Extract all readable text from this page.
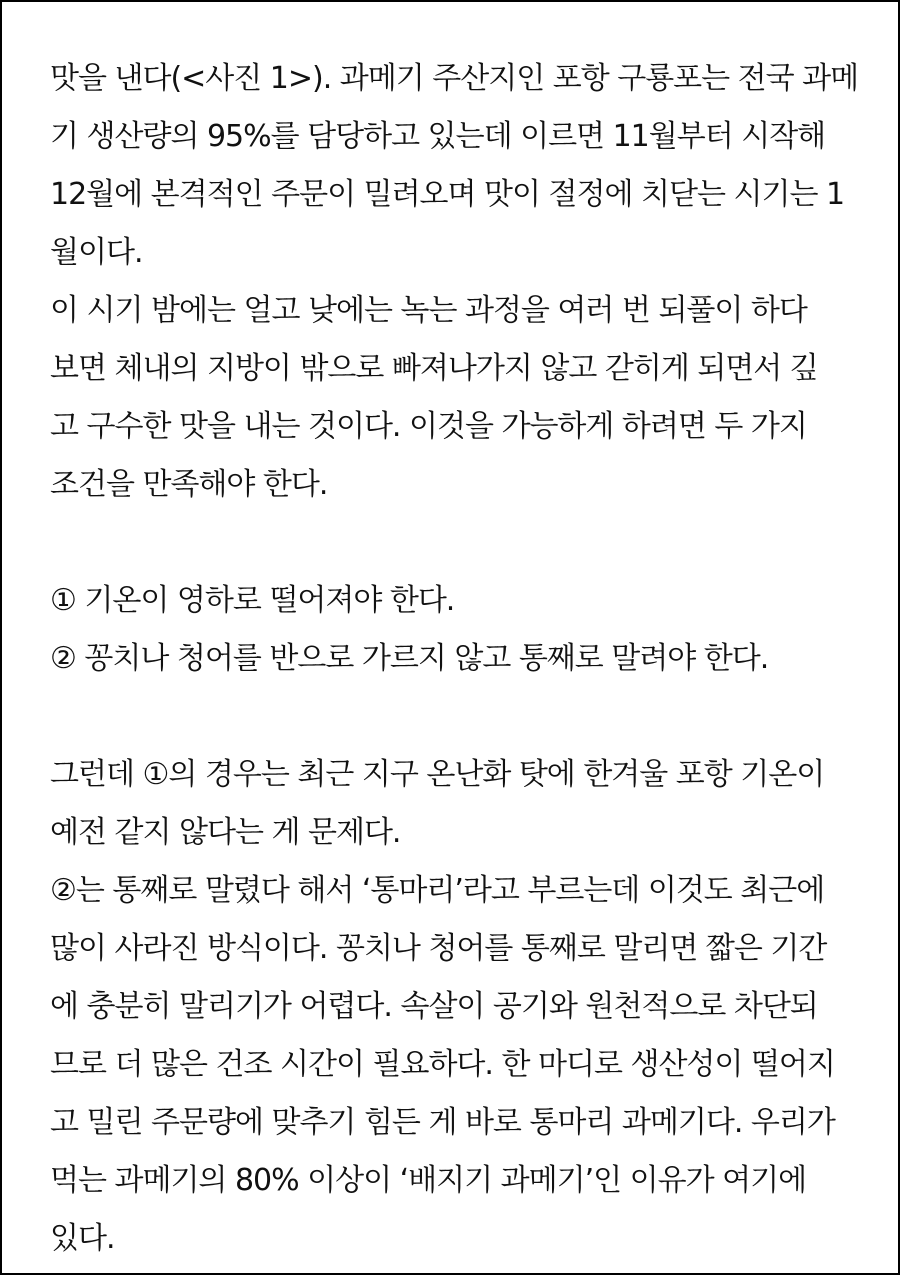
맛을 낸다(<사진 1>). 과메기 주산지인 포항 구룡포는 전국 과메
기 생산량의 95%를 담당하고 있는데 이르면 11월부터 시작해
12월에 본격적인 주문이 밀려오며 맛이 절정에 치닫는 시기는 1
월이다.
이 시기 밤에는 얼고 낮에는 녹는 과정을 여러 번 되풀이 하다
보면 체내의 지방이 밖으로 빠져나가지 않고 갇히게 되면서 깊
고 구수한 맛을 내는 것이다. 이것을 가능하게 하려면 두 가지
조건을 만족해야 한다.
① 기온이 영하로 떨어져야 한다.
② 꽁치나 청어를 반으로 가르지 않고 통째로 말려야 한다.
그런데 ①의 경우는 최근 지구 온난화 탓에 한겨울 포항 기온이
예전 같지 않다는 게 문제다.
②는 통째로 말렸다 해서 ‘통마리’라고 부르는데 이것도 최근에
많이 사라진 방식이다. 꽁치나 청어를 통째로 말리면 짧은 기간
에 충분히 말리기가 어렵다. 속살이 공기와 원천적으로 차단되
므로 더 많은 건조 시간이 필요하다. 한 마디로 생산성이 떨어지
고 밀린 주문량에 맞추기 힘든 게 바로 통마리 과메기다. 우리가
먹는 과메기의 80% 이상이 ‘배지기 과메기’인 이유가 여기에
있다.
